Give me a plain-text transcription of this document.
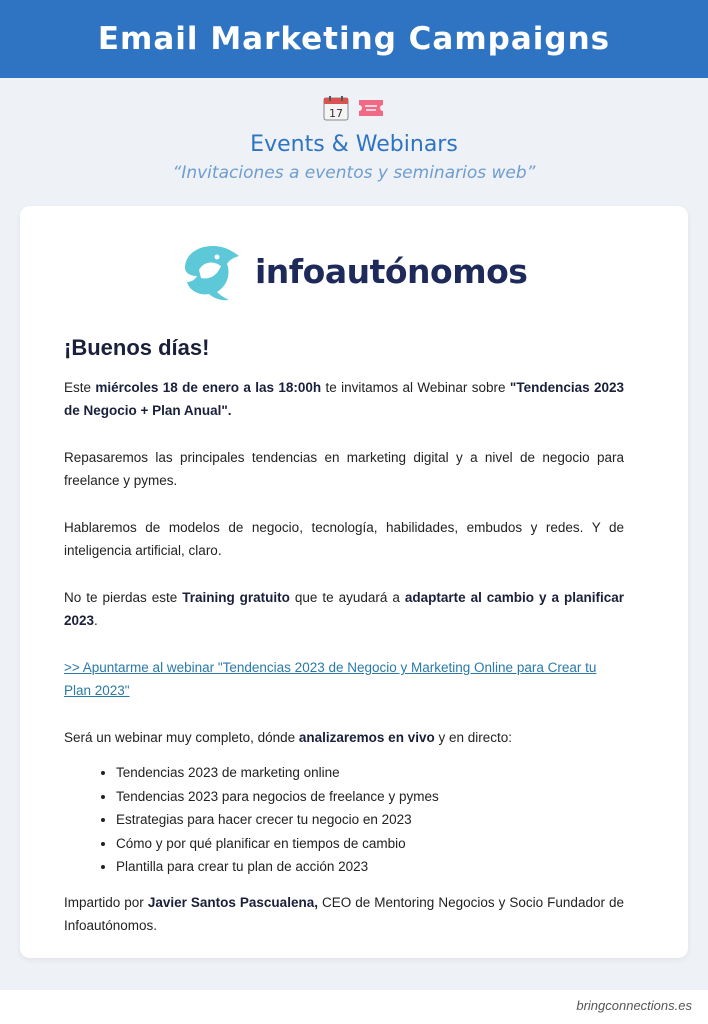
Email Marketing Campaigns
17
Events & Webinars
“Invitaciones a eventos y seminarios web”
infoautónomos
¡Buenos días!

Este miércoles 18 de enero a las 18:00h te invitamos al Webinar sobre "Tendencias 2023 de Negocio + Plan Anual".

Repasaremos las principales tendencias en marketing digital y a nivel de negocio para freelance y pymes.

Hablaremos de modelos de negocio, tecnología, habilidades, embudos y redes. Y de inteligencia artificial, claro.

No te pierdas este Training gratuito que te ayudará a adaptarte al cambio y a planificar 2023.

>> Apuntarme al webinar "Tendencias 2023 de Negocio y Marketing Online para Crear tu Plan 2023"

Será un webinar muy completo, dónde analizaremos en vivo y en directo:

• Tendencias 2023 de marketing online
• Tendencias 2023 para negocios de freelance y pymes
• Estrategias para hacer crecer tu negocio en 2023
• Cómo y por qué planificar en tiempos de cambio
• Plantilla para crear tu plan de acción 2023

Impartido por Javier Santos Pascualena, CEO de Mentoring Negocios y Socio Fundador de Infoautónomos.

bringconnections.es
